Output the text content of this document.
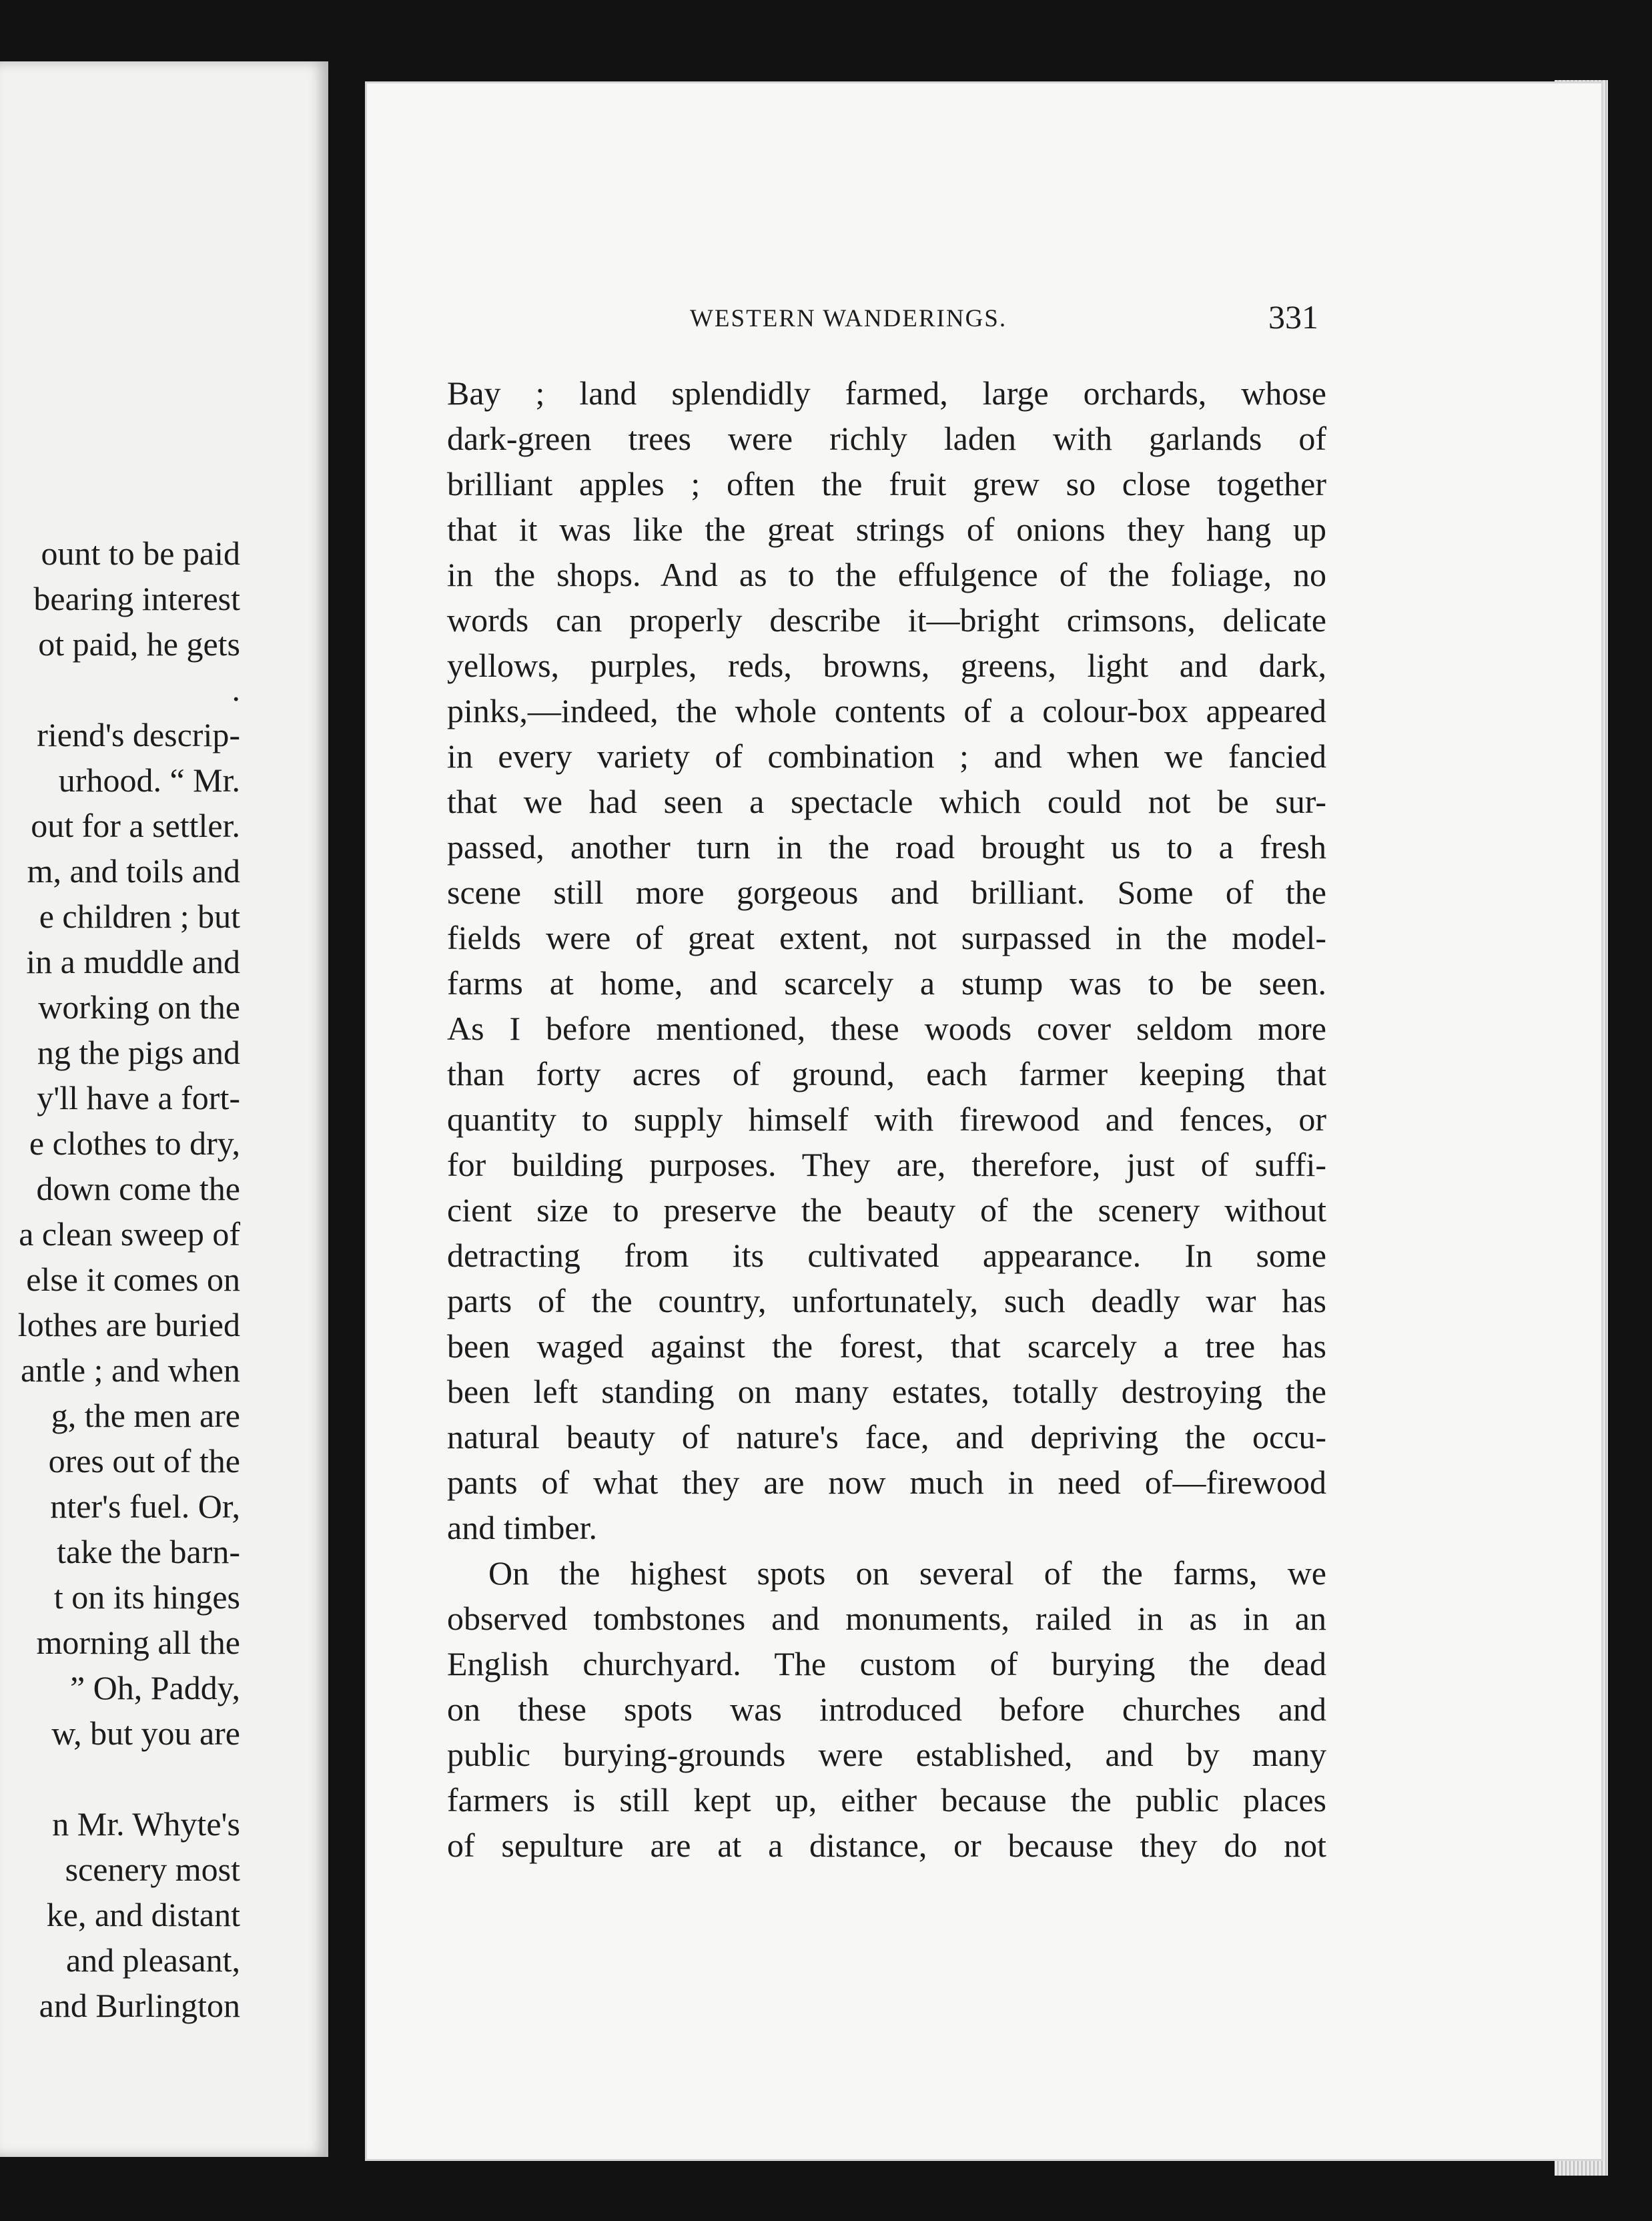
ount to be paid
bearing interest
ot paid, he gets
.
riend's descrip-
urhood. “ Mr.
out for a settler.
m, and toils and
e children ; but
in a muddle and
working on the
ng the pigs and
y'll have a fort-
e clothes to dry,
down come the
a clean sweep of
else it comes on
lothes are buried
antle ; and when
g, the men are
ores out of the
nter's fuel. Or,
take the barn-
t on its hinges
morning all the
” Oh, Paddy,
w, but you are
n Mr. Whyte's
scenery most
ke, and distant
and pleasant,
and Burlington
WESTERN WANDERINGS.	331
Bay ; land splendidly farmed, large orchards, whose
dark-green trees were richly laden with garlands of
brilliant apples ; often the fruit grew so close together
that it was like the great strings of onions they hang up
in the shops. And as to the effulgence of the foliage, no
words can properly describe it—bright crimsons, delicate
yellows, purples, reds, browns, greens, light and dark,
pinks,—indeed, the whole contents of a colour-box appeared
in every variety of combination ; and when we fancied
that we had seen a spectacle which could not be sur-
passed, another turn in the road brought us to a fresh
scene still more gorgeous and brilliant. Some of the
fields were of great extent, not surpassed in the model-
farms at home, and scarcely a stump was to be seen.
As I before mentioned, these woods cover seldom more
than forty acres of ground, each farmer keeping that
quantity to supply himself with firewood and fences, or
for building purposes. They are, therefore, just of suffi-
cient size to preserve the beauty of the scenery without
detracting from its cultivated appearance. In some
parts of the country, unfortunately, such deadly war has
been waged against the forest, that scarcely a tree has
been left standing on many estates, totally destroying the
natural beauty of nature's face, and depriving the occu-
pants of what they are now much in need of—firewood
and timber.
On the highest spots on several of the farms, we
observed tombstones and monuments, railed in as in an
English churchyard. The custom of burying the dead
on these spots was introduced before churches and
public burying-grounds were established, and by many
farmers is still kept up, either because the public places
of sepulture are at a distance, or because they do not
